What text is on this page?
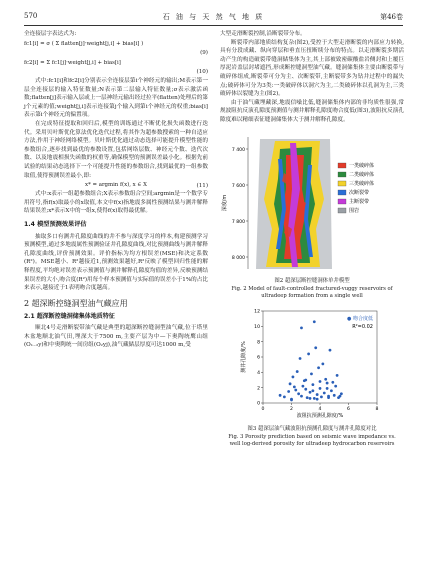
570	石 油 与 天 然 气 地 质	第46卷

全连接层字表达式为:

fc1[i] = σ ( Σ flatten[j]·weight[j,i] + bias[i] )

(9)

fc2[i] = Σ fc1[j]·weight[j,i] + bias[i]

(10)

式中:fc1[i]和fc2[i]分别表示全连接层第i个神经元的输出;M表示第一层全连接层的输入特征数量;N表示第二层输入特征数量;σ表示激活函数;flatten[j]表示输入层或上一层神经元输出经过拉平(flatten)处理后的第j个元素的值;weight[j,i]表示连接第j个输入到第i个神经元的权重;bias[i]表示第i个神经元的偏置项。

在完成特征提取和回归后,模型的训练通过不断优化损失函数进行迭代。采用贝叶斯优化算法优化迭代过程,将其作为超参数搜索的一种自适应方法,作用于神经网络模型。贝叶斯优化通过动态选择可能提升模型性能的参数组合,逐步找到最优的参数设置,包括网络层数、神经元个数、迭代次数、以及地震相损失函数的权重等,确保模型的预测误差最小化。根据先前试验的结果动态选择下一个可能提升性能的参数组合,找到最优的一组参数取值,使得预测误差最小,即:

x* = argmin f(x), x ∈ X	(11)

式中:x表示一组超参数组合;X表示参数组合空间;argmin是一个数学专用符号,指f(x)取最小的x取值,本文中f(x)指地震多属性预测结果与测井解释结果误差;x*表示X中的一组x,使得f(x)取得最优解。

1.4 模型预测效果评估

抽取多口有测井孔隙度曲线的井不参与深度学习的样本,构建预测学习预测模型,通过多地震属性预测验证井孔隙度曲线,对比预测曲线与测井解释孔隙度曲线,评价预测效果。评价指标为均方根误差(MSE)和决定系数(R²)。MSE越小、R²越接近1,预测效果越好,R²反映了模型回归性能的解释程度,平均绝对误差表示预测值与测井解释孔隙度均值的差异,反映预测结果误差的大小,吻合度(R²)用每个样本预测值与实际值的误差小于1%的占比来表示,越接近于1表明吻合度越高。

2 超深断控缝洞型油气藏应用
2.1 超深断控缝洞储集体地质特征

顺北4号走滑断裂带油气藏是典型的超深断控缝洞型油气藏,位于塔里木盆地顺北油气田,埋深大于7500 m,主要产层为中—下奥陶统鹰山组(O₁₋₂y)和中奥陶统一间房组(O₂yj),油气藏储层厚度可达1000 m,受

大型走滑断裂控制,沿断裂带分布。

断裂带内部地质结构复杂(图2),受控于大型走滑断裂的内部应力转换,具有分段成藏、纵向穿层和垂直压扭断续分布的特点。以走滑断裂多期活动产生的构造破裂带缝洞储集体为主,其上部被致密碳酸盐岩侧封和上覆巨厚泥岩盖层封堵遮挡,形成断控缝洞型油气藏。缝洞储集体主要由断裂带与破碎体组成,断裂带可分为主、次断裂带,主断裂带多为钻井过程中的漏失点;破碎体可分为3类:一类破碎体以洞穴为主,二类破碎体以孔洞为主,三类破碎体以裂缝为主(图2)。

由于油气藏埋藏深,地震信噪比低,缝洞储集体内部的非均质性很强,常规波阻抗反演孔隙度预测值与测井解释孔隙度吻合度低(图3),波阻抗反演孔隙度难以精细表征缝洞储集体大于测井解释孔隙度。

深度/m
7 400
7 600
7 800
8 000
一类破碎体
二类破碎体
三类破碎体
次断裂带
主断裂带
围岩
图2 超深层断控缝洞体单井模型
Fig. 2 Model of fault-controlled fractured-vuggy reservoirs of
ultradeep formation from a single well
0	2	4	6	8
0
2
4
6
8
10
12
波阻抗预测孔隙度/%
测井孔隙度/%
● 吻合度低
R²=0.02
图3 超深层油气藏波阻抗预测孔隙度与测井孔隙度对比
Fig. 3 Porosity prediction based on seismic wave impedance vs.
well log-derived porosity for ultradeep hydrocarbon reservoirs
